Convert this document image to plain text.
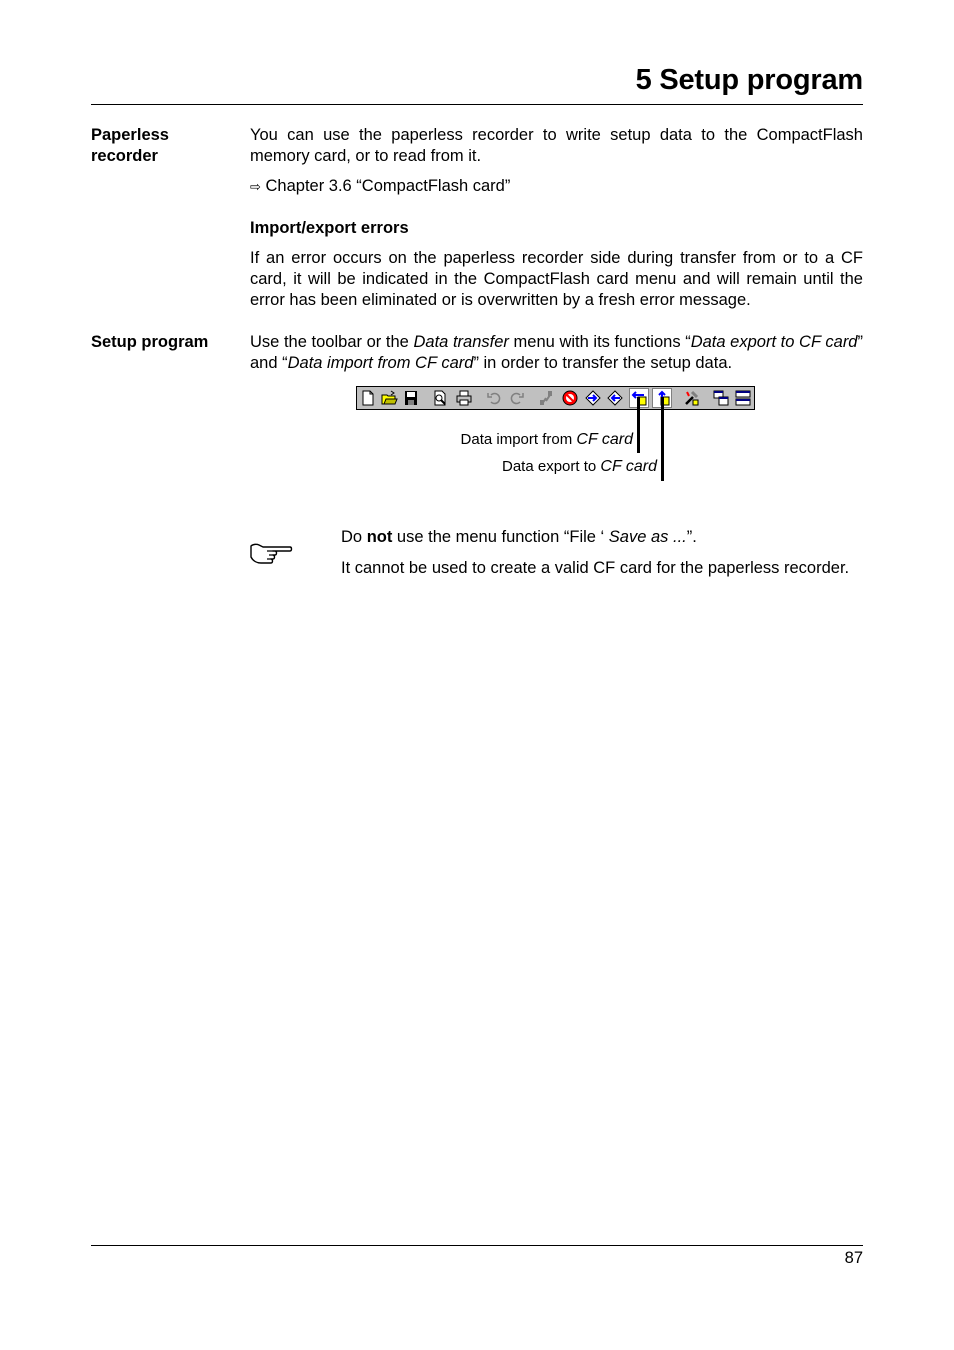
5 Setup program
Paperless
recorder
You can use the paperless recorder to write setup data to the CompactFlash memory card, or to read from it.
⇨ Chapter 3.6 “CompactFlash card”
Import/export errors
If an error occurs on the paperless recorder side during transfer from or to a CF card, it will be indicated in the CompactFlash card menu and will remain until the error has been eliminated or is overwritten by a fresh error message.
Setup program	Use the toolbar or the Data transfer menu with its functions “Data export to CF card” and “Data import from CF card” in order to transfer the setup data.
Data import from CF card
Data export to CF card
Do not use the menu function “File ‘ Save as ...”.
It cannot be used to create a valid CF card for the paperless recorder.
87
